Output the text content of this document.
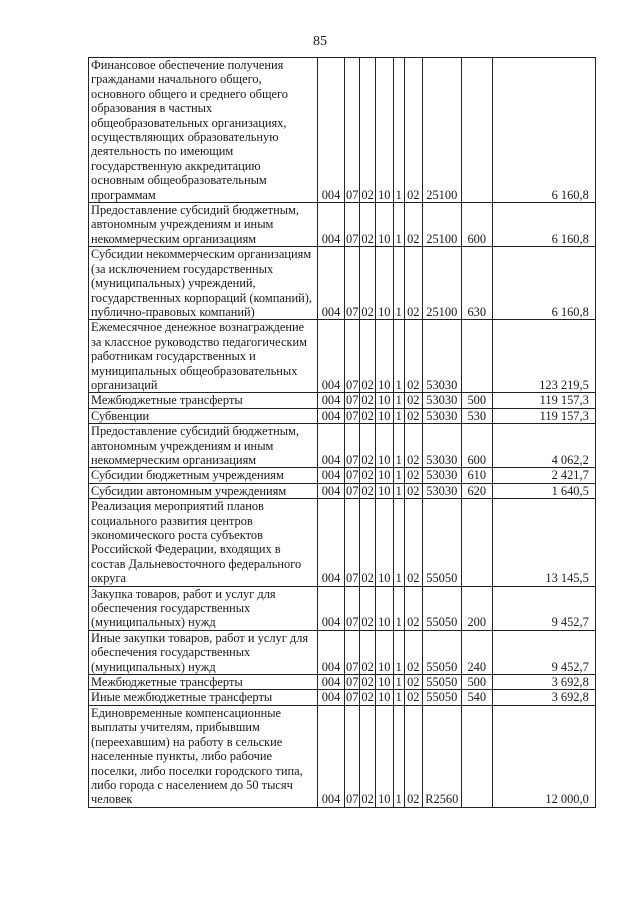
85
Финансовое обеспечение получения гражданами начального общего, основного общего и среднего общего образования в частных общеобразовательных организациях, осуществляющих образовательную деятельность по имеющим государственную аккредитацию основным общеобразовательным программам	004	07	02	10	1	02	25100		6 160,8
Предоставление субсидий бюджетным, автономным учреждениям и иным некоммерческим организациям	004	07	02	10	1	02	25100	600	6 160,8
Субсидии некоммерческим организациям (за исключением государственных (муниципальных) учреждений, государственных корпораций (компаний), публично-правовых компаний)	004	07	02	10	1	02	25100	630	6 160,8
Ежемесячное денежное вознаграждение за классное руководство педагогическим работникам государственных и муниципальных общеобразовательных организаций	004	07	02	10	1	02	53030		123 219,5
Межбюджетные трансферты	004	07	02	10	1	02	53030	500	119 157,3
Субвенции	004	07	02	10	1	02	53030	530	119 157,3
Предоставление субсидий бюджетным, автономным учреждениям и иным некоммерческим организациям	004	07	02	10	1	02	53030	600	4 062,2
Субсидии бюджетным учреждениям	004	07	02	10	1	02	53030	610	2 421,7
Субсидии автономным учреждениям	004	07	02	10	1	02	53030	620	1 640,5
Реализация мероприятий планов социального развития центров экономического роста субъектов Российской Федерации, входящих в состав Дальневосточного федерального округа	004	07	02	10	1	02	55050		13 145,5
Закупка товаров, работ и услуг для обеспечения государственных (муниципальных) нужд	004	07	02	10	1	02	55050	200	9 452,7
Иные закупки товаров, работ и услуг для обеспечения государственных (муниципальных) нужд	004	07	02	10	1	02	55050	240	9 452,7
Межбюджетные трансферты	004	07	02	10	1	02	55050	500	3 692,8
Иные межбюджетные трансферты	004	07	02	10	1	02	55050	540	3 692,8
Единовременные компенсационные выплаты учителям, прибывшим (переехавшим) на работу в сельские населенные пункты, либо рабочие поселки, либо поселки городского типа, либо города с населением до 50 тысяч человек	004	07	02	10	1	02	R2560		12 000,0
